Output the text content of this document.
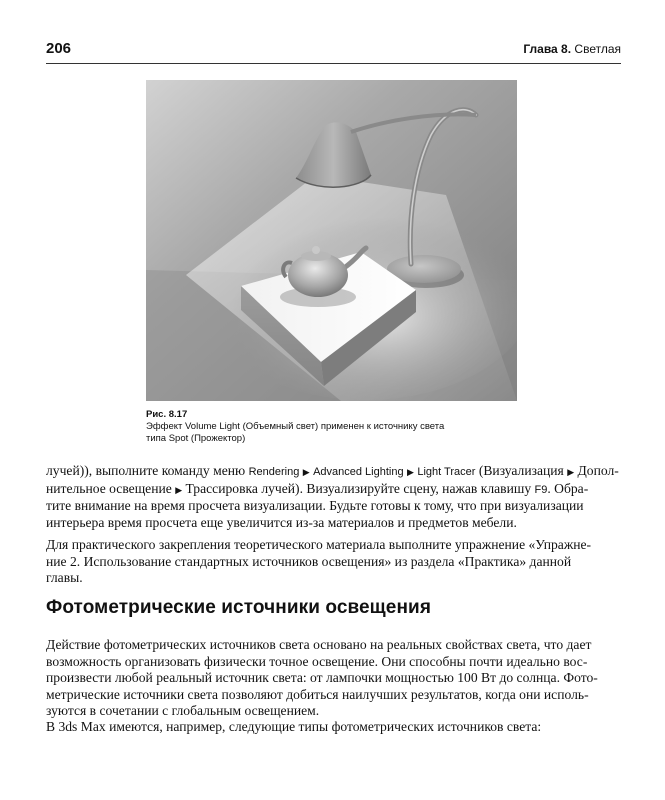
206	Глава 8. Светлая
Рис. 8.17
Эффект Volume Light (Объемный свет) применен к источнику света
типа Spot (Прожектор)
лучей)), выполните команду меню Rendering ▶ Advanced Lighting ▶ Light Tracer (Визуализация ▶ Допол-
нительное освещение ▶ Трассировка лучей). Визуализируйте сцену, нажав клавишу F9. Обра-
тите внимание на время просчета визуализации. Будьте готовы к тому, что при визуализации
интерьера время просчета еще увеличится из-за материалов и предметов мебели.
Для практического закрепления теоретического материала выполните упражнение «Упражне-
ние 2. Использование стандартных источников освещения» из раздела «Практика» данной
главы.
Фотометрические источники освещения
Действие фотометрических источников света основано на реальных свойствах света, что дает
возможность организовать физически точное освещение. Они способны почти идеально вос-
произвести любой реальный источник света: от лампочки мощностью 100 Вт до солнца. Фото-
метрические источники света позволяют добиться наилучших результатов, когда они исполь-
зуются в сочетании с глобальным освещением.
В 3ds Max имеются, например, следующие типы фотометрических источников света:
